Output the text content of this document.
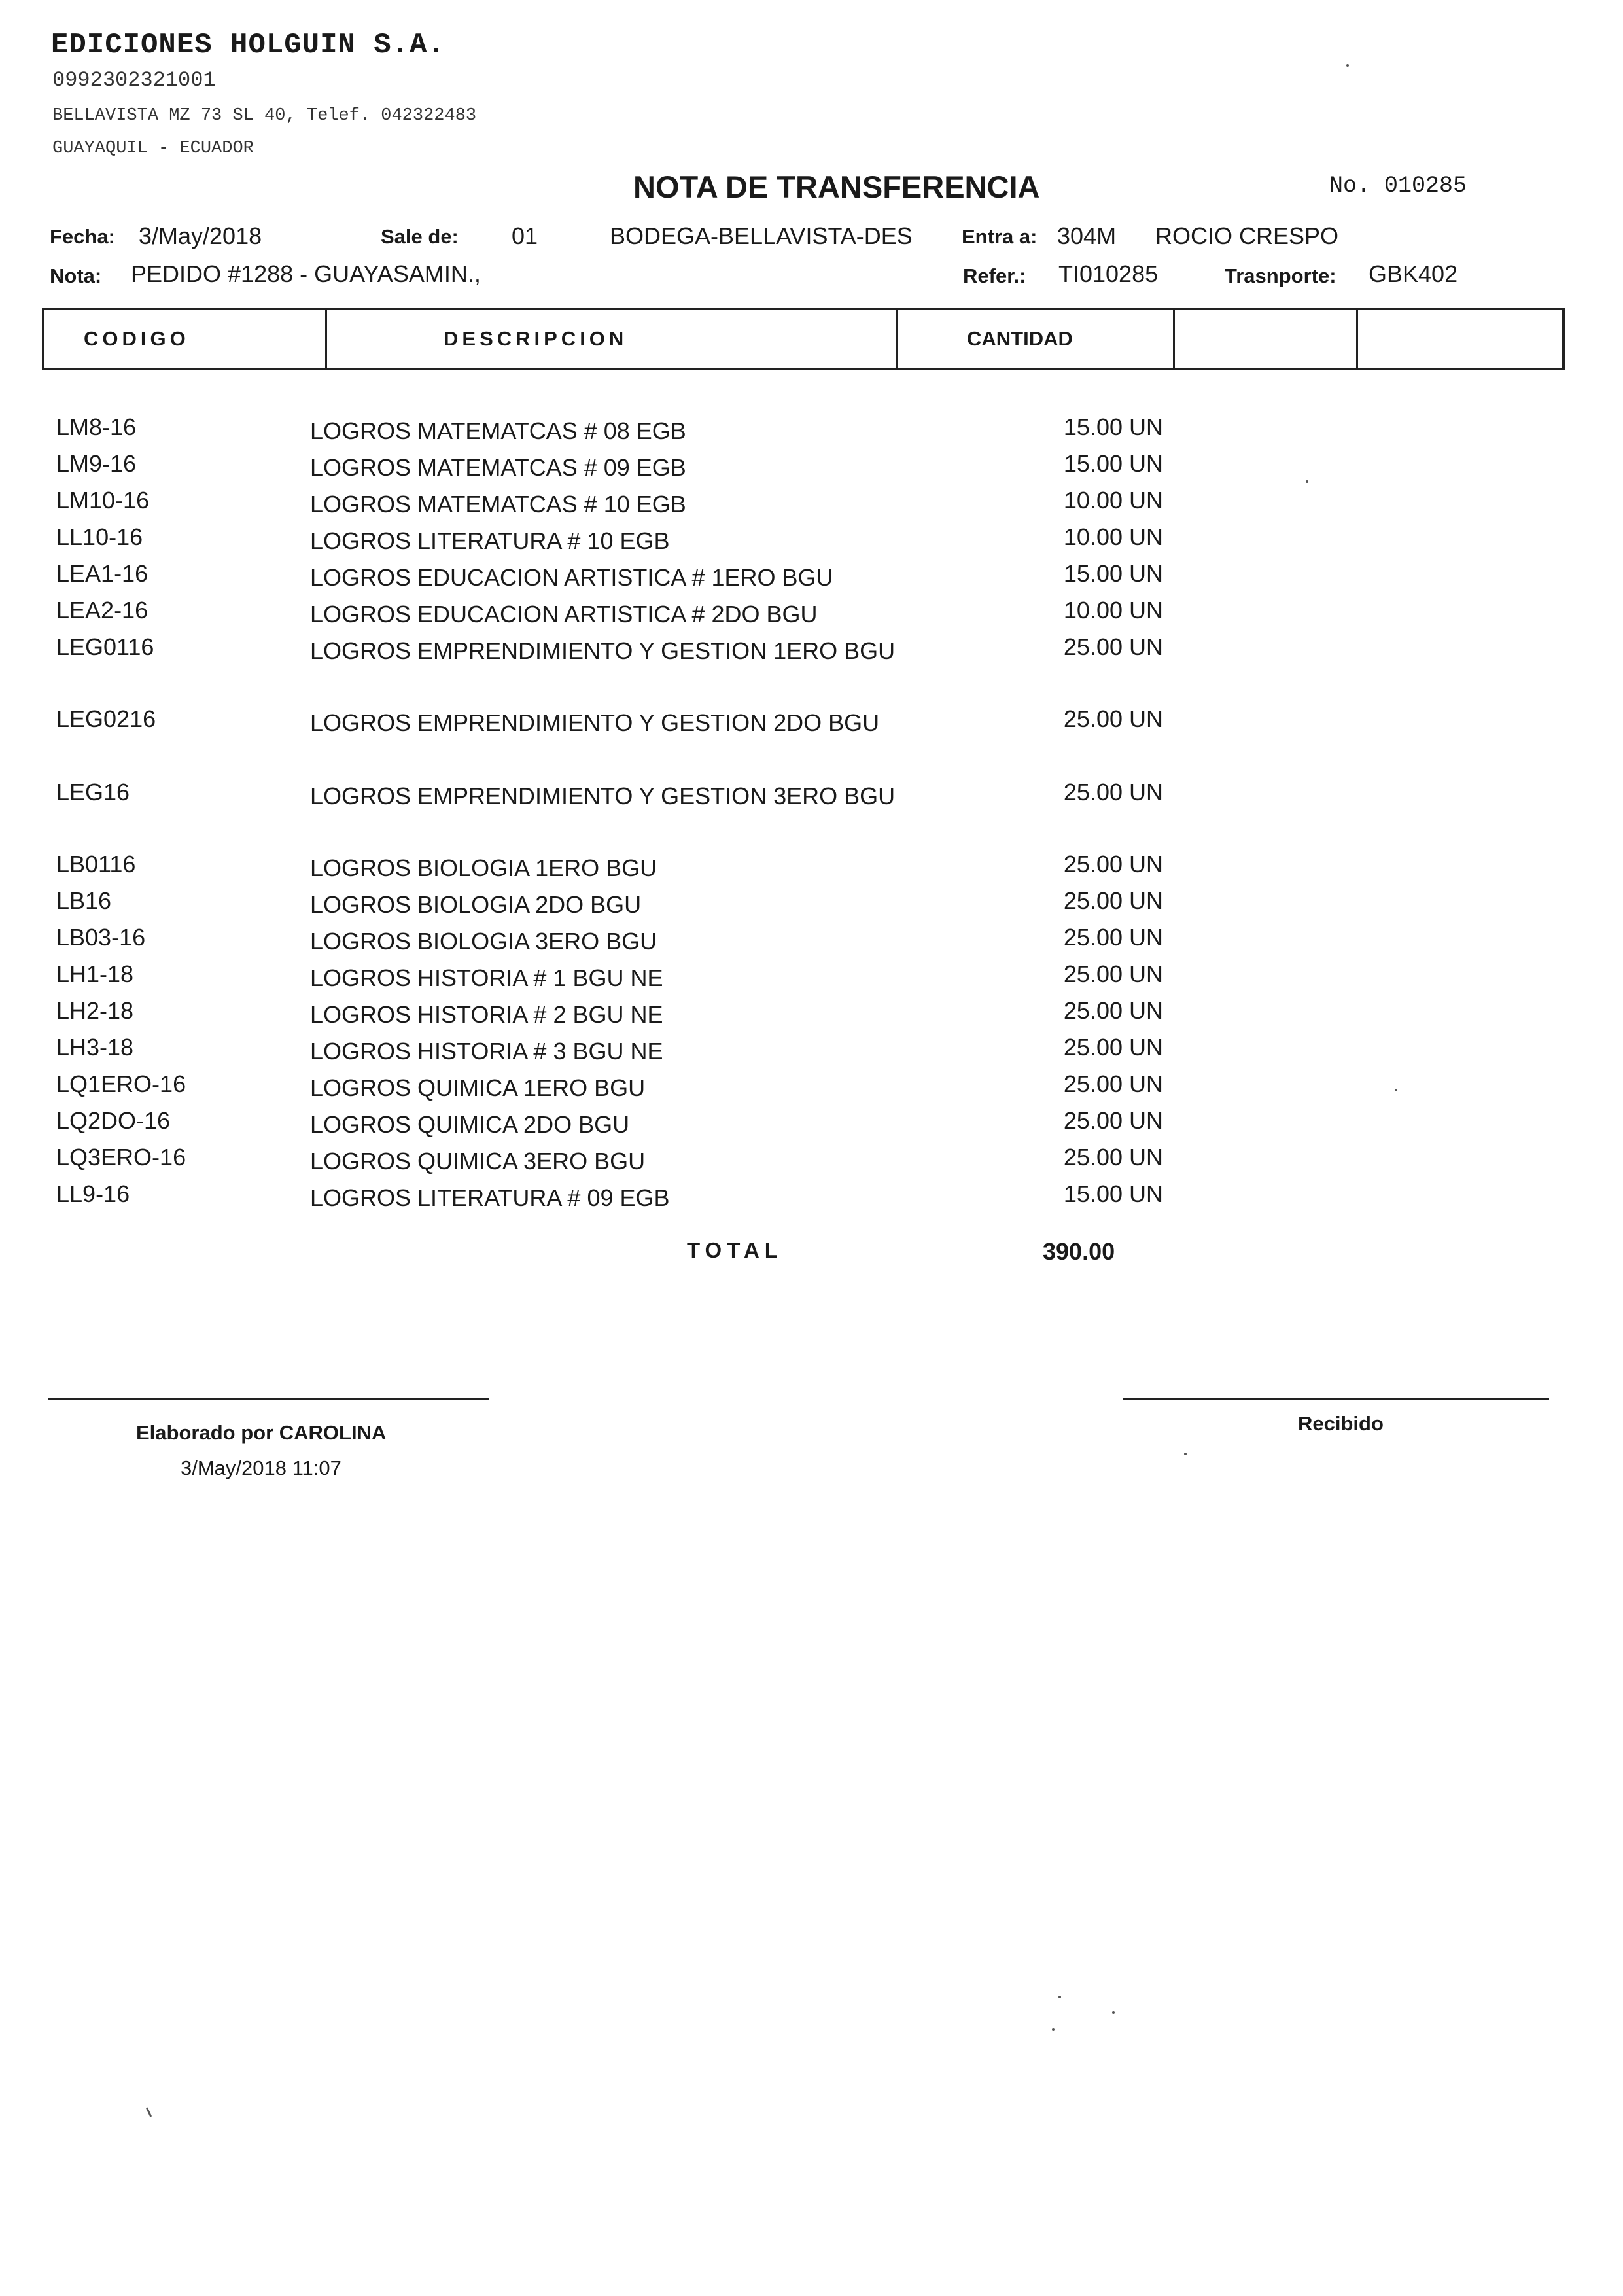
EDICIONES HOLGUIN S.A.
0992302321001
BELLAVISTA MZ 73 SL 40, Telef. 042322483
GUAYAQUIL - ECUADOR
NOTA DE TRANSFERENCIA	No. 010285
Fecha: 3/May/2018	Sale de: 01	BODEGA-BELLAVISTA-DES Entra a: 304M ROCIO CRESPO
Nota: PEDIDO #1288 - GUAYASAMIN.,	Refer.: TI010285	Trasnporte: GBK402
CODIGO	DESCRIPCION	CANTIDAD
LM8-16	LOGROS MATEMATCAS # 08 EGB	15.00 UN
LM9-16	LOGROS MATEMATCAS # 09 EGB	15.00 UN
LM10-16	LOGROS MATEMATCAS # 10 EGB	10.00 UN
LL10-16	LOGROS LITERATURA # 10 EGB	10.00 UN
LEA1-16	LOGROS EDUCACION ARTISTICA # 1ERO BGU	15.00 UN
LEA2-16	LOGROS EDUCACION ARTISTICA # 2DO BGU	10.00 UN
LEG0116	LOGROS EMPRENDIMIENTO Y GESTION 1ERO BGU	25.00 UN
LEG0216	LOGROS EMPRENDIMIENTO Y GESTION 2DO BGU	25.00 UN
LEG16	LOGROS EMPRENDIMIENTO Y GESTION 3ERO BGU	25.00 UN
LB0116	LOGROS BIOLOGIA 1ERO BGU	25.00 UN
LB16	LOGROS BIOLOGIA 2DO BGU	25.00 UN
LB03-16	LOGROS BIOLOGIA 3ERO BGU	25.00 UN
LH1-18	LOGROS HISTORIA # 1 BGU NE	25.00 UN
LH2-18	LOGROS HISTORIA # 2 BGU NE	25.00 UN
LH3-18	LOGROS HISTORIA # 3 BGU NE	25.00 UN
LQ1ERO-16	LOGROS QUIMICA 1ERO BGU	25.00 UN
LQ2DO-16	LOGROS QUIMICA 2DO BGU	25.00 UN
LQ3ERO-16	LOGROS QUIMICA 3ERO BGU	25.00 UN
LL9-16	LOGROS LITERATURA # 09 EGB	15.00 UN
TOTAL	390.00
Elaborado por CAROLINA
3/May/2018 11:07
Recibido
